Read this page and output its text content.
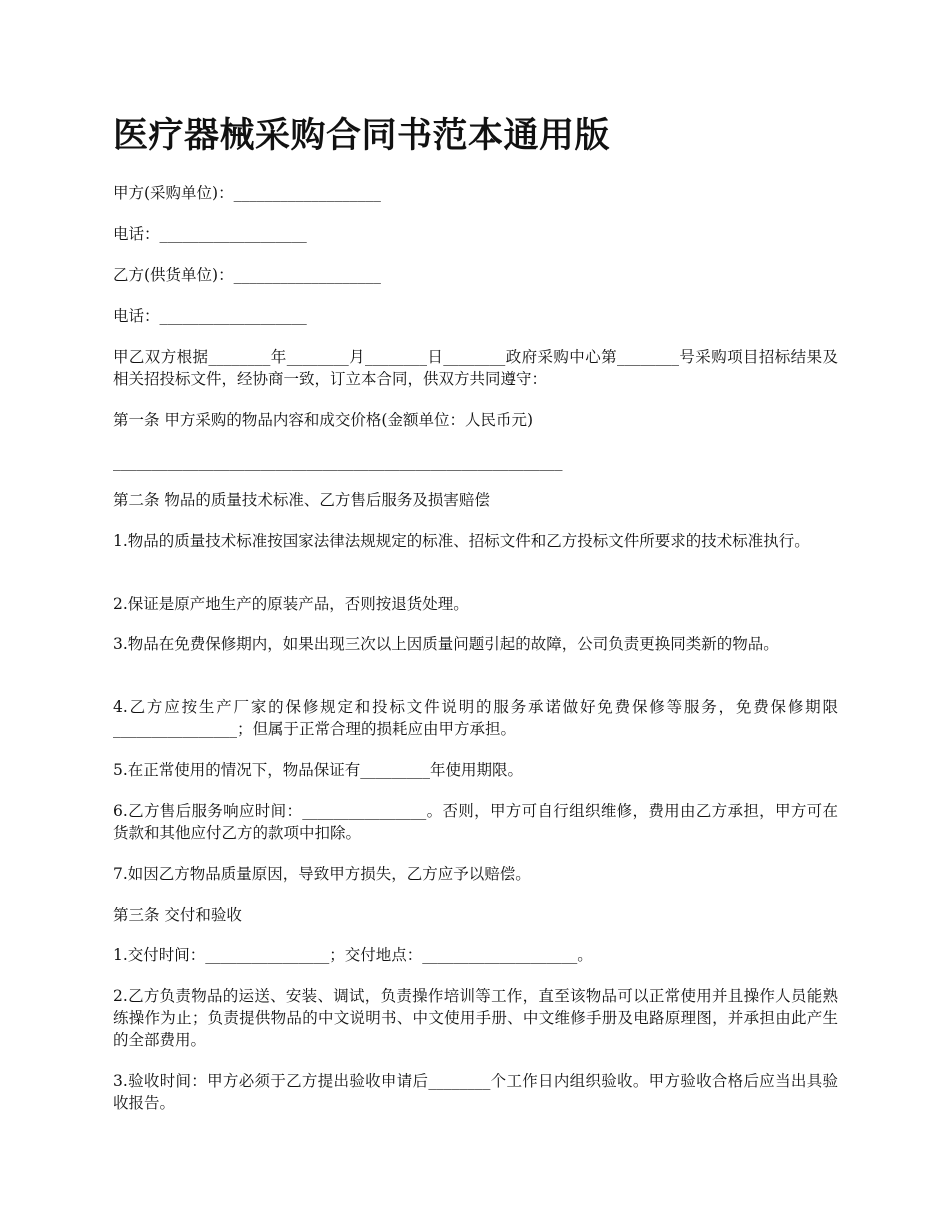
医疗器械采购合同书范本通用版

甲方(采购单位)：___________________

电话：___________________

乙方(供货单位)：___________________

电话：___________________

甲乙双方根据________年________月________日________政府采购中心第________号采购项目招标结果及相关招投标文件，经协商一致，订立本合同，供双方共同遵守：

第一条 甲方采购的物品内容和成交价格(金额单位：人民币元)

__________________________________________________________

第二条 物品的质量技术标准、乙方售后服务及损害赔偿

1.物品的质量技术标准按国家法律法规规定的标准、招标文件和乙方投标文件所要求的技术标准执行。

2.保证是原产地生产的原装产品，否则按退货处理。

3.物品在免费保修期内，如果出现三次以上因质量问题引起的故障，公司负责更换同类新的物品。

4.乙方应按生产厂家的保修规定和投标文件说明的服务承诺做好免费保修等服务，免费保修期限________________；但属于正常合理的损耗应由甲方承担。

5.在正常使用的情况下，物品保证有_________年使用期限。

6.乙方售后服务响应时间：________________。否则，甲方可自行组织维修，费用由乙方承担，甲方可在货款和其他应付乙方的款项中扣除。

7.如因乙方物品质量原因，导致甲方损失，乙方应予以赔偿。

第三条 交付和验收

1.交付时间：________________；交付地点：____________________。

2.乙方负责物品的运送、安装、调试，负责操作培训等工作，直至该物品可以正常使用并且操作人员能熟练操作为止；负责提供物品的中文说明书、中文使用手册、中文维修手册及电路原理图，并承担由此产生的全部费用。

3.验收时间：甲方必须于乙方提出验收申请后________个工作日内组织验收。甲方验收合格后应当出具验收报告。
